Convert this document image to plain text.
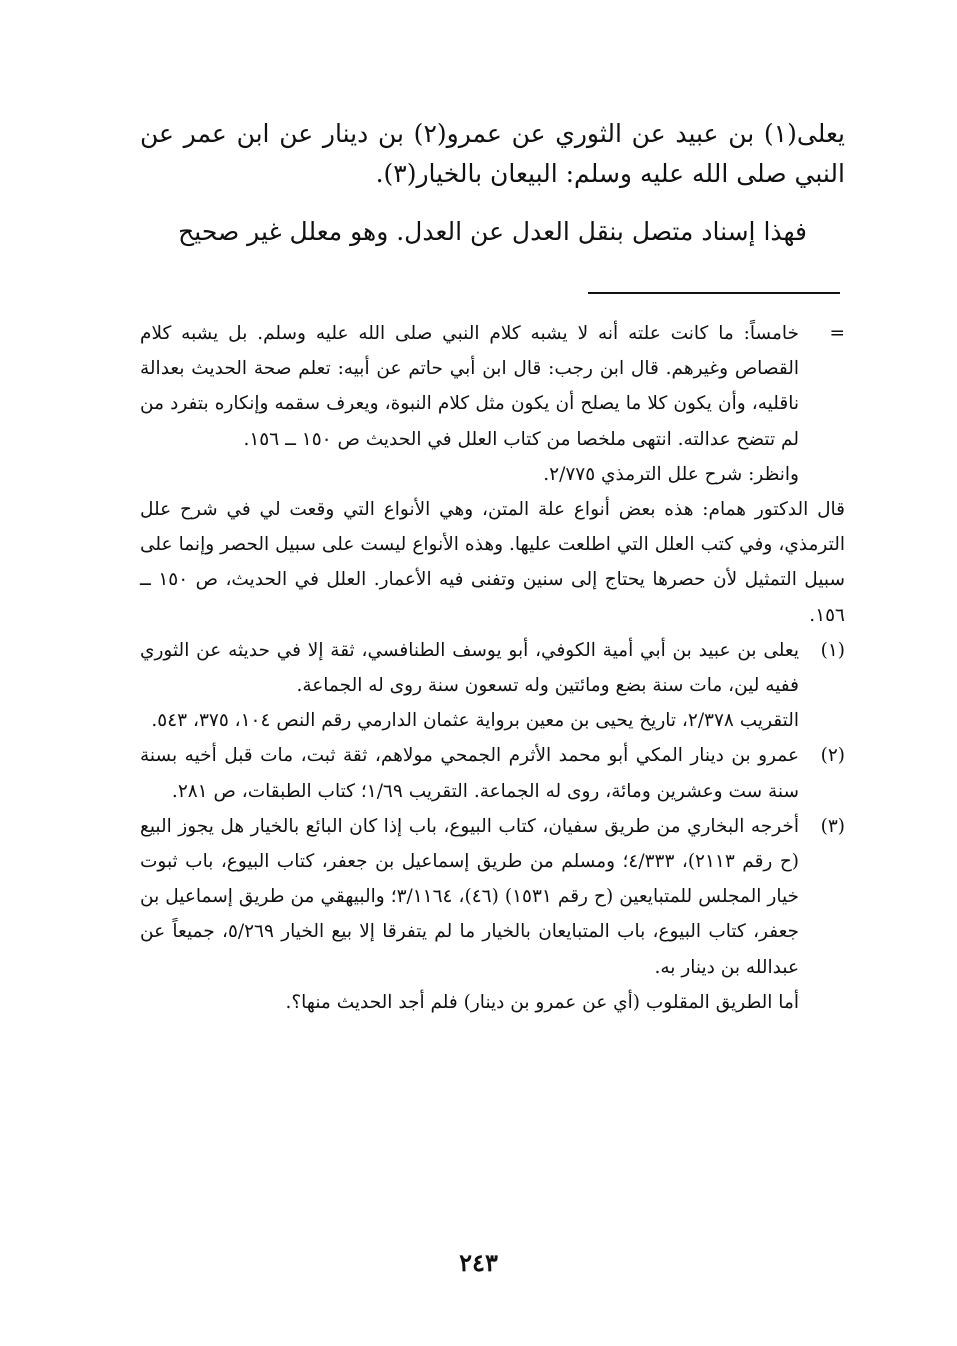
يعلى(١) بن عبيد عن الثوري عن عمرو(٢) بن دينار عن ابن عمر عن النبي صلى الله عليه وسلم: البيعان بالخيار(٣).

فهذا إسناد متصل بنقل العدل عن العدل. وهو معلل غير صحيح

=

خامساً: ما كانت علته أنه لا يشبه كلام النبي صلى الله عليه وسلم. بل يشبه كلام القصاص وغيرهم. قال ابن رجب: قال ابن أبي حاتم عن أبيه: تعلم صحة الحديث بعدالة ناقليه، وأن يكون كلا ما يصلح أن يكون مثل كلام النبوة، ويعرف سقمه وإنكاره بتفرد من لم تتضح عدالته. انتهى ملخصا من كتاب العلل في الحديث ص ١٥٠ ــ ١٥٦.

وانظر: شرح علل الترمذي ٢/٧٧٥.

قال الدكتور همام: هذه بعض أنواع علة المتن، وهي الأنواع التي وقعت لي في شرح علل الترمذي، وفي كتب العلل التي اطلعت عليها. وهذه الأنواع ليست على سبيل الحصر وإنما على سبيل التمثيل لأن حصرها يحتاج إلى سنين وتفنى فيه الأعمار. العلل في الحديث، ص ١٥٠ ــ ١٥٦.

(١)

يعلى بن عبيد بن أبي أمية الكوفي، أبو يوسف الطنافسي، ثقة إلا في حديثه عن الثوري ففيه لين، مات سنة بضع ومائتين وله تسعون سنة روى له الجماعة.

التقريب ٢/٣٧٨، تاريخ يحيى بن معين برواية عثمان الدارمي رقم النص ١٠٤، ٣٧٥، ٥٤٣.

(٢)

عمرو بن دينار المكي أبو محمد الأثرم الجمحي مولاهم، ثقة ثبت، مات قبل أخيه بسنة سنة ست وعشرين ومائة، روى له الجماعة. التقريب ١/٦٩؛ كتاب الطبقات، ص ٢٨١.

(٣)

أخرجه البخاري من طريق سفيان، كتاب البيوع، باب إذا كان البائع بالخيار هل يجوز البيع (ح رقم ٢١١٣)، ٤/٣٣٣؛ ومسلم من طريق إسماعيل بن جعفر، كتاب البيوع، باب ثبوت خيار المجلس للمتبايعين (ح رقم ١٥٣١) (٤٦)، ٣/١١٦٤؛ والبيهقي من طريق إسماعيل بن جعفر، كتاب البيوع، باب المتبايعان بالخيار ما لم يتفرقا إلا بيع الخيار ٥/٢٦٩، جميعاً عن عبدالله بن دينار به.

أما الطريق المقلوب (أي عن عمرو بن دينار) فلم أجد الحديث منها؟.

٢٤٣
